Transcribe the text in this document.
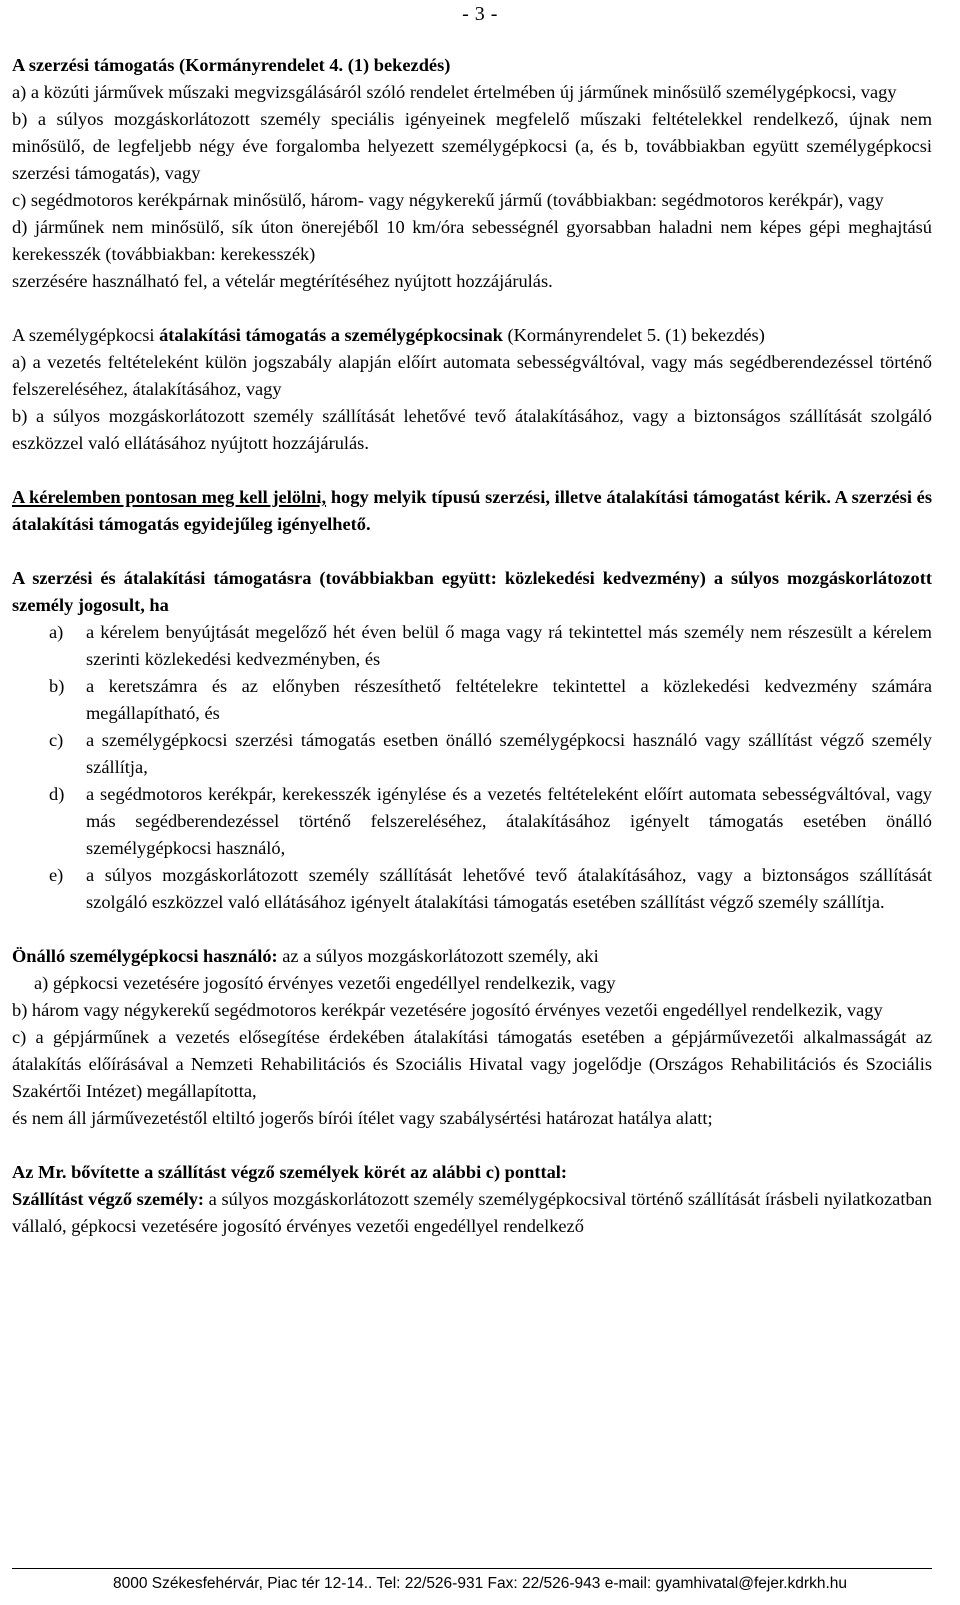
- 3 -

A szerzési támogatás (Kormányrendelet 4. (1) bekezdés)

a) a közúti járművek műszaki megvizsgálásáról szóló rendelet értelmében új járműnek minősülő személygépkocsi, vagy

b) a súlyos mozgáskorlátozott személy speciális igényeinek megfelelő műszaki feltételekkel rendelkező, újnak nem minősülő, de legfeljebb négy éve forgalomba helyezett személygépkocsi (a, és b, továbbiakban együtt személygépkocsi szerzési támogatás), vagy

c) segédmotoros kerékpárnak minősülő, három- vagy négykerekű jármű (továbbiakban: segédmotoros kerékpár), vagy

d) járműnek nem minősülő, sík úton önerejéből 10 km/óra sebességnél gyorsabban haladni nem képes gépi meghajtású kerekesszék (továbbiakban: kerekesszék)

szerzésére használható fel, a vételár megtérítéséhez nyújtott hozzájárulás.

A személygépkocsi átalakítási támogatás a személygépkocsinak (Kormányrendelet 5. (1) bekezdés)

a) a vezetés feltételeként külön jogszabály alapján előírt automata sebességváltóval, vagy más segédberendezéssel történő felszereléséhez, átalakításához, vagy

b) a súlyos mozgáskorlátozott személy szállítását lehetővé tevő átalakításához, vagy a biztonságos szállítását szolgáló eszközzel való ellátásához nyújtott hozzájárulás.

A kérelemben pontosan meg kell jelölni, hogy melyik típusú szerzési, illetve átalakítási támogatást kérik. A szerzési és átalakítási támogatás egyidejűleg igényelhető.

A szerzési és átalakítási támogatásra (továbbiakban együtt: közlekedési kedvezmény) a súlyos mozgáskorlátozott személy jogosult, ha

a) a kérelem benyújtását megelőző hét éven belül ő maga vagy rá tekintettel más személy nem részesült a kérelem szerinti közlekedési kedvezményben, és
b) a keretszámra és az előnyben részesíthető feltételekre tekintettel a közlekedési kedvezmény számára megállapítható, és
c) a személygépkocsi szerzési támogatás esetben önálló személygépkocsi használó vagy szállítást végző személy szállítja,
d) a segédmotoros kerékpár, kerekesszék igénylése és a vezetés feltételeként előírt automata sebességváltóval, vagy más segédberendezéssel történő felszereléséhez, átalakításához igényelt támogatás esetében önálló személygépkocsi használó,
e) a súlyos mozgáskorlátozott személy szállítását lehetővé tevő átalakításához, vagy a biztonságos szállítását szolgáló eszközzel való ellátásához igényelt átalakítási támogatás esetében szállítást végző személy szállítja.

Önálló személygépkocsi használó: az a súlyos mozgáskorlátozott személy, aki

a) gépkocsi vezetésére jogosító érvényes vezetői engedéllyel rendelkezik, vagy

b) három vagy négykerekű segédmotoros kerékpár vezetésére jogosító érvényes vezetői engedéllyel rendelkezik, vagy

c) a gépjárműnek a vezetés elősegítése érdekében átalakítási támogatás esetében a gépjárművezetői alkalmasságát az átalakítás előírásával a Nemzeti Rehabilitációs és Szociális Hivatal vagy jogelődje (Országos Rehabilitációs és Szociális Szakértői Intézet) megállapította,

és nem áll járművezetéstől eltiltó jogerős bírói ítélet vagy szabálysértési határozat hatálya alatt;

Az Mr. bővítette a szállítást végző személyek körét az alábbi c) ponttal:

Szállítást végző személy: a súlyos mozgáskorlátozott személy személygépkocsival történő szállítását írásbeli nyilatkozatban vállaló, gépkocsi vezetésére jogosító érvényes vezetői engedéllyel rendelkező

8000 Székesfehérvár, Piac tér 12-14.. Tel: 22/526-931 Fax: 22/526-943 e-mail: gyamhivatal@fejer.kdrkh.hu
